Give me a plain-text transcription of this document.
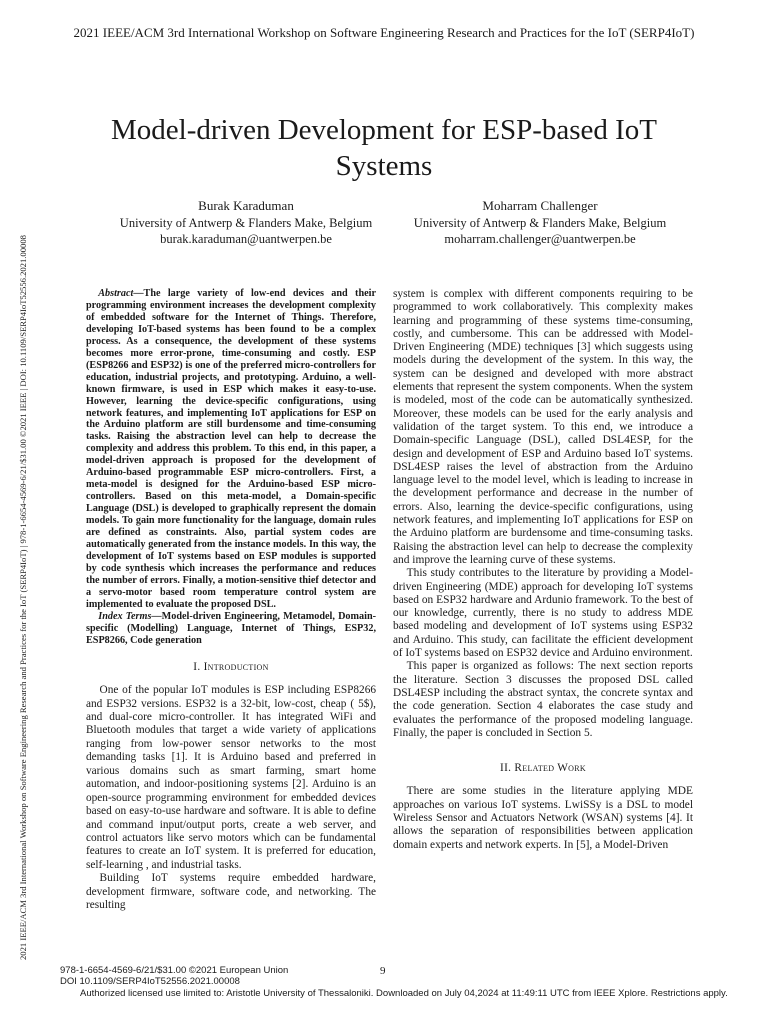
2021 IEEE/ACM 3rd International Workshop on Software Engineering Research and Practices for the IoT (SERP4IoT)
2021 IEEE/ACM 3rd International Workshop on Software Engineering Research and Practices for the IoT (SERP4IoT) | 978-1-6654-4569-6/21/$31.00 ©2021 IEEE | DOI: 10.1109/SERP4IoT52556.2021.00008
Model-driven Development for ESP-based IoT Systems
Burak Karaduman
University of Antwerp & Flanders Make, Belgium
burak.karaduman@uantwerpen.be
Moharram Challenger
University of Antwerp & Flanders Make, Belgium
moharram.challenger@uantwerpen.be

Abstract—The large variety of low-end devices and their programming environment increases the development complexity of embedded software for the Internet of Things. Therefore, developing IoT-based systems has been found to be a complex process. As a consequence, the development of these systems becomes more error-prone, time-consuming and costly. ESP (ESP8266 and ESP32) is one of the preferred micro-controllers for education, industrial projects, and prototyping. Arduino, a well-known firmware, is used in ESP which makes it easy-to-use. However, learning the device-specific configurations, using network features, and implementing IoT applications for ESP on the Arduino platform are still burdensome and time-consuming tasks. Raising the abstraction level can help to decrease the complexity and address this problem. To this end, in this paper, a model-driven approach is proposed for the development of Arduino-based programmable ESP micro-controllers. First, a meta-model is designed for the Arduino-based ESP micro-controllers. Based on this meta-model, a Domain-specific Language (DSL) is developed to graphically represent the domain models. To gain more functionality for the language, domain rules are defined as constraints. Also, partial system codes are automatically generated from the instance models. In this way, the development of IoT systems based on ESP modules is supported by code synthesis which increases the performance and reduces the number of errors. Finally, a motion-sensitive thief detector and a servo-motor based room temperature control system are implemented to evaluate the proposed DSL.

Index Terms—Model-driven Engineering, Metamodel, Domain-specific (Modelling) Language, Internet of Things, ESP32, ESP8266, Code generation

I. Introduction

One of the popular IoT modules is ESP including ESP8266 and ESP32 versions. ESP32 is a 32-bit, low-cost, cheap ( 5$), and dual-core micro-controller. It has integrated WiFi and Bluetooth modules that target a wide variety of applications ranging from low-power sensor networks to the most demanding tasks [1]. It is Arduino based and preferred in various domains such as smart farming, smart home automation, and indoor-positioning systems [2]. Arduino is an open-source programming environment for embedded devices based on easy-to-use hardware and software. It is able to define and command input/output ports, create a web server, and control actuators like servo motors which can be fundamental features to create an IoT system. It is preferred for education, self-learning , and industrial tasks.

Building IoT systems require embedded hardware, development firmware, software code, and networking. The resulting

system is complex with different components requiring to be programmed to work collaboratively. This complexity makes learning and programming of these systems time-consuming, costly, and cumbersome. This can be addressed with Model-Driven Engineering (MDE) techniques [3] which suggests using models during the development of the system. In this way, the system can be designed and developed with more abstract elements that represent the system components. When the system is modeled, most of the code can be automatically synthesized. Moreover, these models can be used for the early analysis and validation of the target system. To this end, we introduce a Domain-specific Language (DSL), called DSL4ESP, for the design and development of ESP and Arduino based IoT systems. DSL4ESP raises the level of abstraction from the Arduino language level to the model level, which is leading to increase in the development performance and decrease in the number of errors. Also, learning the device-specific configurations, using network features, and implementing IoT applications for ESP on the Arduino platform are burdensome and time-consuming tasks. Raising the abstraction level can help to decrease the complexity and improve the learning curve of these systems.

This study contributes to the literature by providing a Model-driven Engineering (MDE) approach for developing IoT systems based on ESP32 hardware and Ardunio framework. To the best of our knowledge, currently, there is no study to address MDE based modeling and development of IoT systems using ESP32 and Arduino. This study, can facilitate the efficient development of IoT systems based on ESP32 device and Arduino environment.

This paper is organized as follows: The next section reports the literature. Section 3 discusses the proposed DSL called DSL4ESP including the abstract syntax, the concrete syntax and the code generation. Section 4 elaborates the case study and evaluates the performance of the proposed modeling language. Finally, the paper is concluded in Section 5.

II. Related Work

There are some studies in the literature applying MDE approaches on various IoT systems. LwiSSy is a DSL to model Wireless Sensor and Actuators Network (WSAN) systems [4]. It allows the separation of responsibilities between application domain experts and network experts. In [5], a Model-Driven

978-1-6654-4569-6/21/$31.00 ©2021 European Union
DOI 10.1109/SERP4IoT52556.2021.00008
9
Authorized licensed use limited to: Aristotle University of Thessaloniki. Downloaded on July 04,2024 at 11:49:11 UTC from IEEE Xplore. Restrictions apply.
